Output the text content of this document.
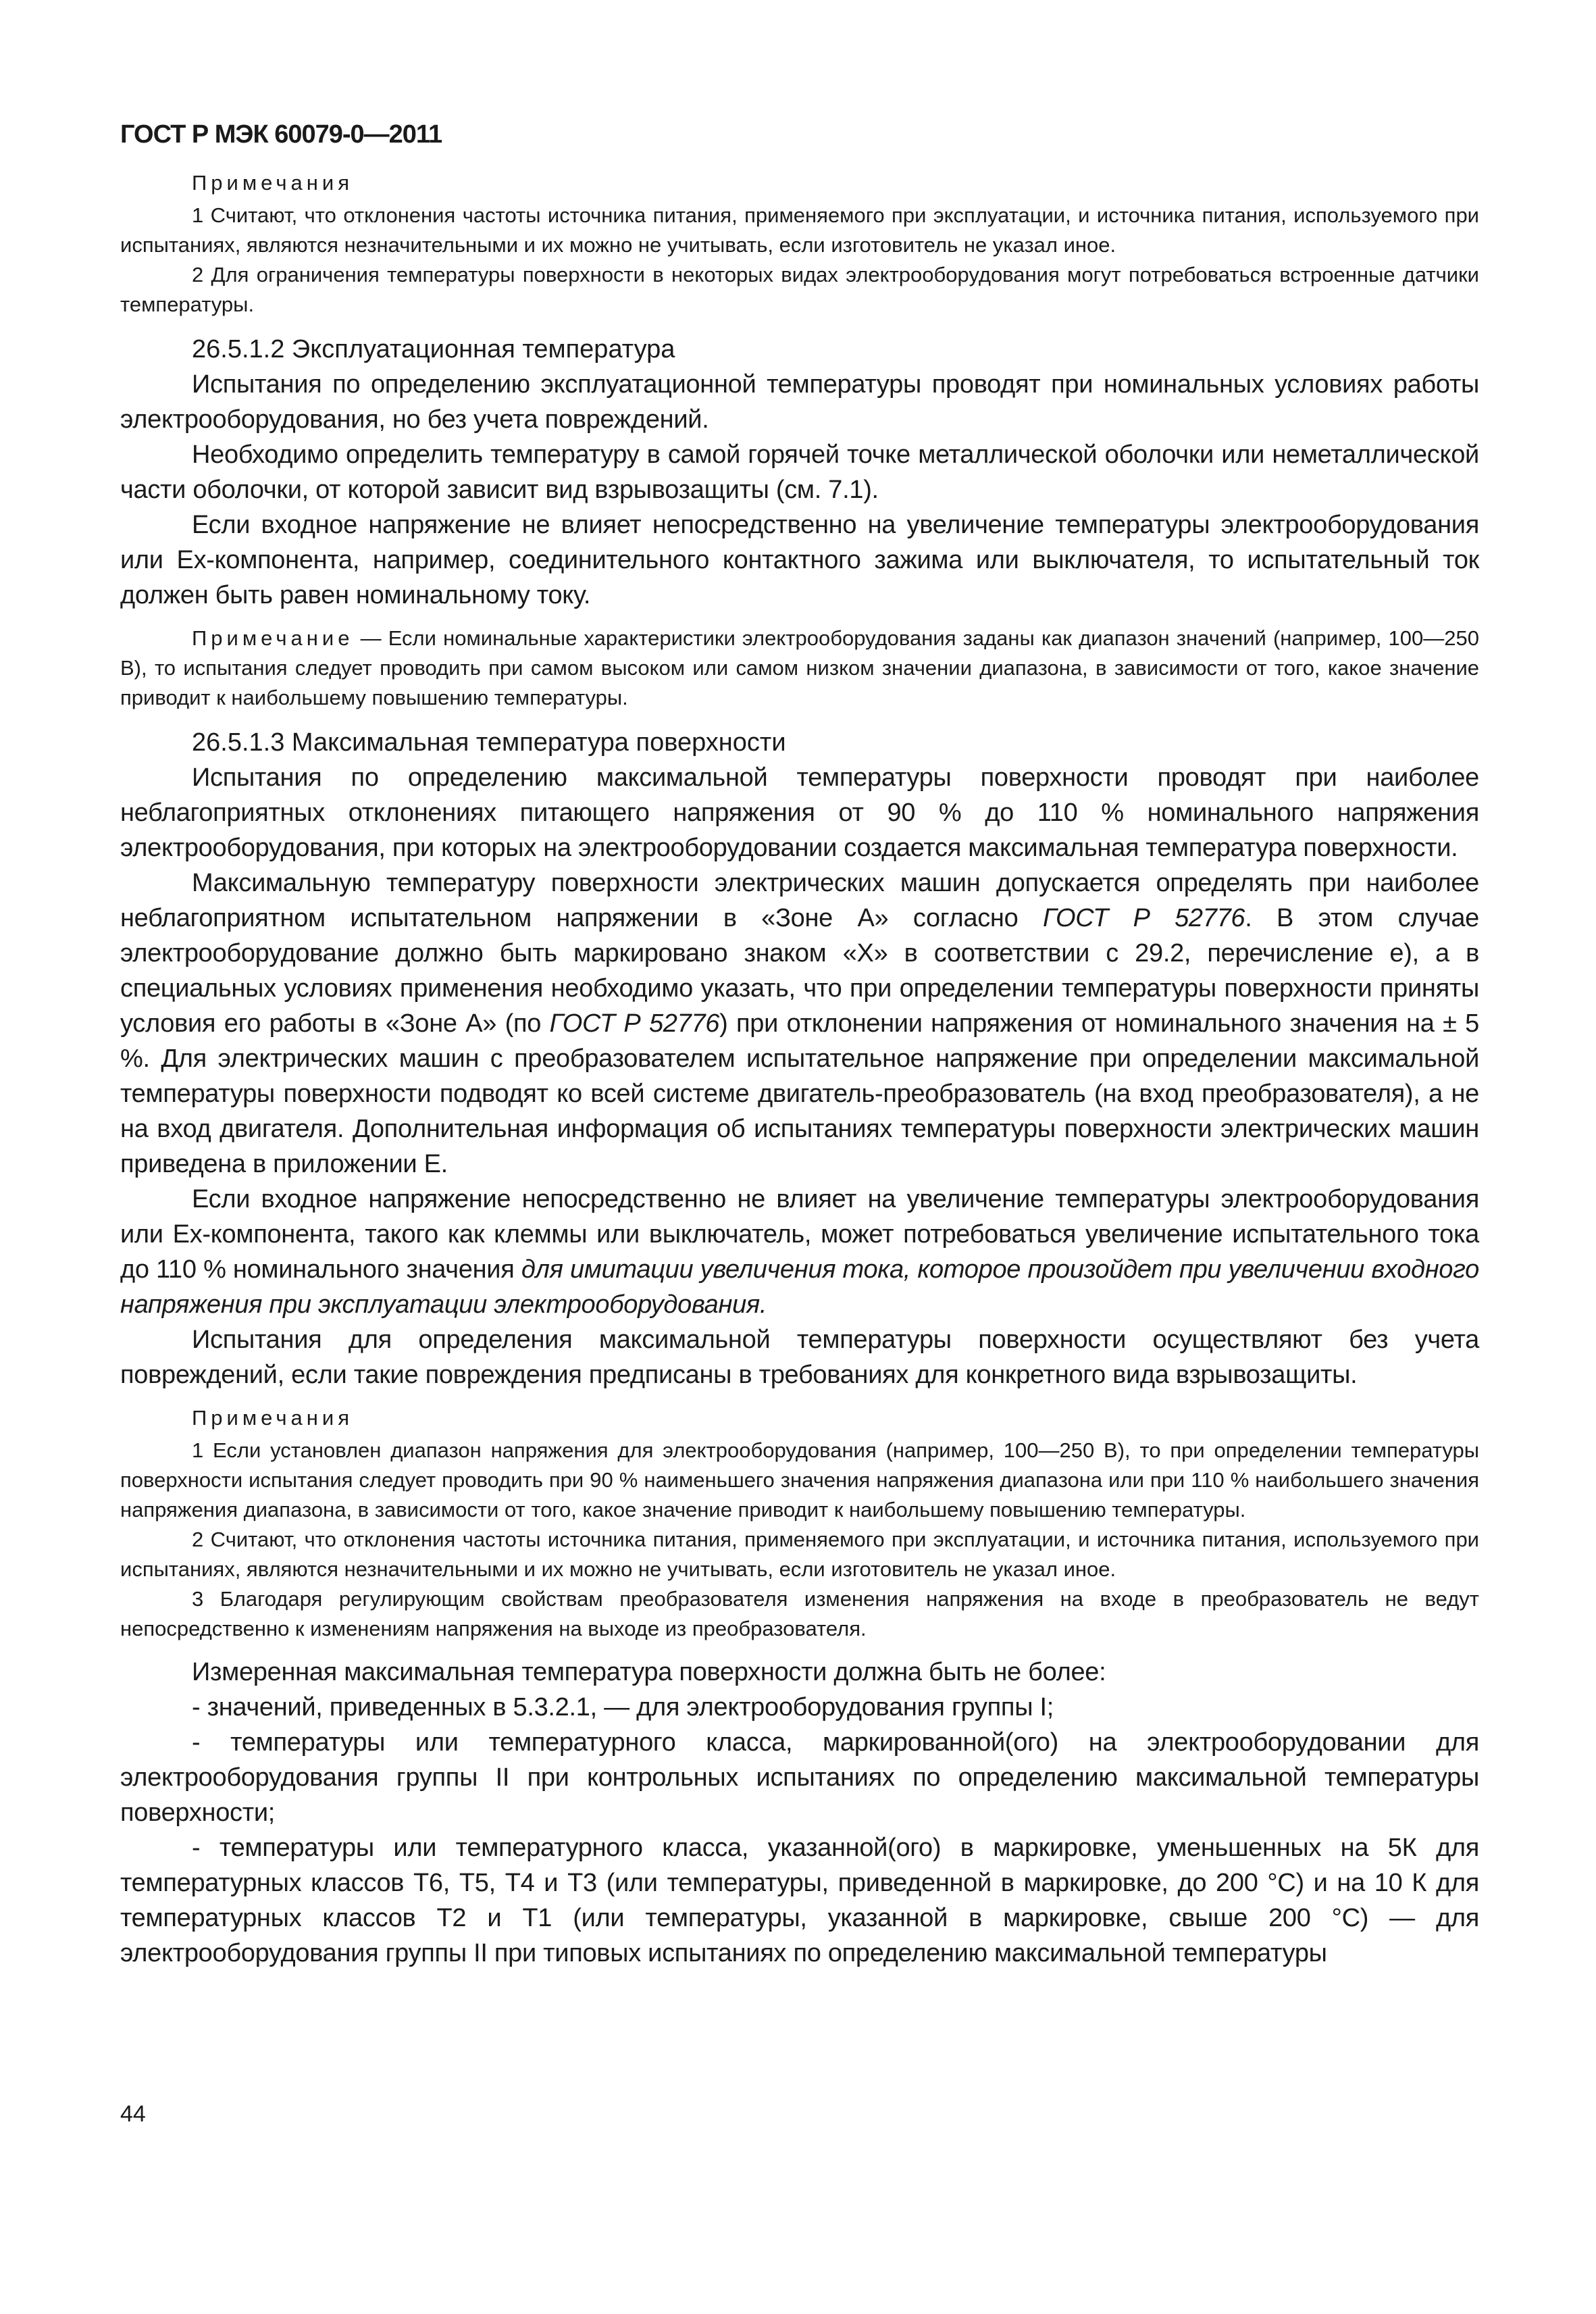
ГОСТ Р МЭК 60079-0—2011

Примечания

1 Считают, что отклонения частоты источника питания, применяемого при эксплуатации, и источника питания, используемого при испытаниях, являются незначительными и их можно не учитывать, если изготовитель не указал иное.

2 Для ограничения температуры поверхности в некоторых видах электрооборудования могут потребоваться встроенные датчики температуры.

26.5.1.2 Эксплуатационная температура

Испытания по определению эксплуатационной температуры проводят при номинальных условиях работы электрооборудования, но без учета повреждений.

Необходимо определить температуру в самой горячей точке металлической оболочки или неметаллической части оболочки, от которой зависит вид взрывозащиты (см. 7.1).

Если входное напряжение не влияет непосредственно на увеличение температуры электрооборудования или Ex-компонента, например, соединительного контактного зажима или выключателя, то испытательный ток должен быть равен номинальному току.

Примечание — Если номинальные характеристики электрооборудования заданы как диапазон значений (например, 100—250 В), то испытания следует проводить при самом высоком или самом низком значении диапазона, в зависимости от того, какое значение приводит к наибольшему повышению температуры.

26.5.1.3 Максимальная температура поверхности

Испытания по определению максимальной температуры поверхности проводят при наиболее неблагоприятных отклонениях питающего напряжения от 90 % до 110 % номинального напряжения электрооборудования, при которых на электрооборудовании создается максимальная температура поверхности.

Максимальную температуру поверхности электрических машин допускается определять при наиболее неблагоприятном испытательном напряжении в «Зоне А» согласно ГОСТ Р 52776. В этом случае электрооборудование должно быть маркировано знаком «Х» в соответствии с 29.2, перечисление е), а в специальных условиях применения необходимо указать, что при определении температуры поверхности приняты условия его работы в «Зоне А» (по ГОСТ Р 52776) при отклонении напряжения от номинального значения на ± 5 %. Для электрических машин с преобразователем испытательное напряжение при определении максимальной температуры поверхности подводят ко всей системе двигатель-преобразователь (на вход преобразователя), а не на вход двигателя. Дополнительная информация об испытаниях температуры поверхности электрических машин приведена в приложении Е.

Если входное напряжение непосредственно не влияет на увеличение температуры электрооборудования или Ex-компонента, такого как клеммы или выключатель, может потребоваться увеличение испытательного тока до 110 % номинального значения для имитации увеличения тока, которое произойдет при увеличении входного напряжения при эксплуатации электрооборудования.

Испытания для определения максимальной температуры поверхности осуществляют без учета повреждений, если такие повреждения предписаны в требованиях для конкретного вида взрывозащиты.

Примечания

1 Если установлен диапазон напряжения для электрооборудования (например, 100—250 В), то при определении температуры поверхности испытания следует проводить при 90 % наименьшего значения напряжения диапазона или при 110 % наибольшего значения напряжения диапазона, в зависимости от того, какое значение приводит к наибольшему повышению температуры.

2 Считают, что отклонения частоты источника питания, применяемого при эксплуатации, и источника питания, используемого при испытаниях, являются незначительными и их можно не учитывать, если изготовитель не указал иное.

3 Благодаря регулирующим свойствам преобразователя изменения напряжения на входе в преобразователь не ведут непосредственно к изменениям напряжения на выходе из преобразователя.

Измеренная максимальная температура поверхности должна быть не более:

- значений, приведенных в 5.3.2.1, — для электрооборудования группы I;

- температуры или температурного класса, маркированной(ого) на электрооборудовании для электрооборудования группы II при контрольных испытаниях по определению максимальной температуры поверхности;

- температуры или температурного класса, указанной(ого) в маркировке, уменьшенных на 5К для температурных классов Т6, Т5, Т4 и Т3 (или температуры, приведенной в маркировке, до 200 °С) и на 10 К для температурных классов Т2 и Т1 (или температуры, указанной в маркировке, свыше 200 °С) — для электрооборудования группы II при типовых испытаниях по определению максимальной температуры

44
